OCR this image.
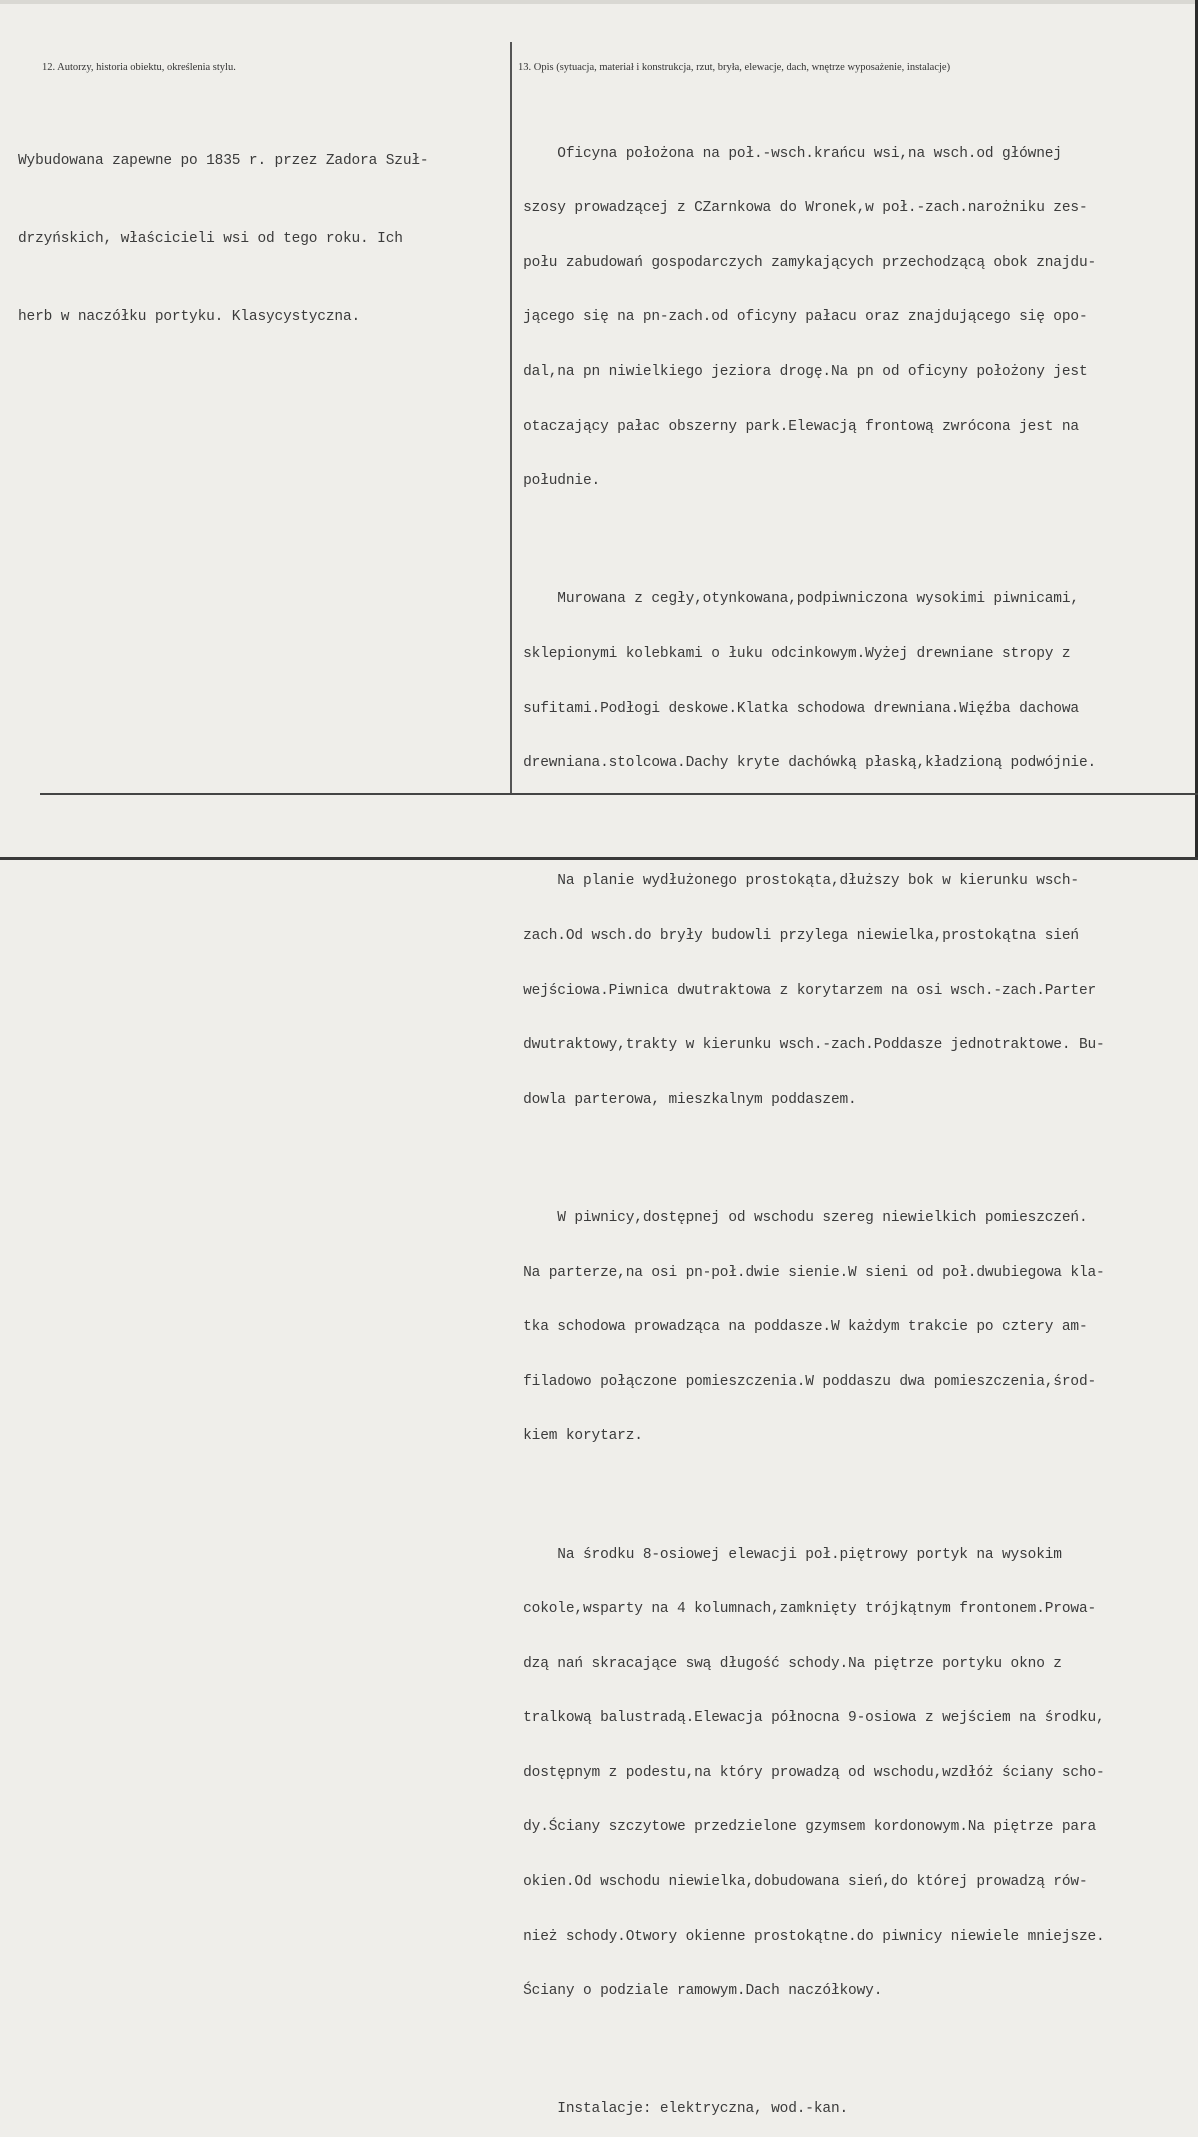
12. Autorzy, historia obiektu, określenia stylu.	13. Opis (sytuacja, materiał i konstrukcja, rzut, bryła, elewacje, dach, wnętrze wyposażenie, instalacje)

Wybudowana zapewne po 1835 r. przez Zadora Szuł-

drzyńskich, właścicieli wsi od tego roku. Ich

herb w naczółku portyku. Klasycystyczna.

Oficyna położona na poł.-wsch.krańcu wsi,na wsch.od głównej

szosy prowadzącej z CZarnkowa do Wronek,w poł.-zach.narożniku zes-

połu zabudowań gospodarczych zamykających przechodzącą obok znajdu-

jącego się na pn-zach.od oficyny pałacu oraz znajdującego się opo-

dal,na pn niwielkiego jeziora drogę.Na pn od oficyny położony jest

otaczający pałac obszerny park.Elewacją frontową zwrócona jest na

południe.

Murowana z cegły,otynkowana,podpiwniczona wysokimi piwnicami,

sklepionymi kolebkami o łuku odcinkowym.Wyżej drewniane stropy z

sufitami.Podłogi deskowe.Klatka schodowa drewniana.Więźba dachowa

drewniana.stolcowa.Dachy kryte dachówką płaską,kładzioną podwójnie.

Na planie wydłużonego prostokąta,dłuższy bok w kierunku wsch-

zach.Od wsch.do bryły budowli przylega niewielka,prostokątna sień

wejściowa.Piwnica dwutraktowa z korytarzem na osi wsch.-zach.Parter

dwutraktowy,trakty w kierunku wsch.-zach.Poddasze jednotraktowe. Bu-

dowla parterowa, mieszkalnym poddaszem.

W piwnicy,dostępnej od wschodu szereg niewielkich pomieszczeń.

Na parterze,na osi pn-poł.dwie sienie.W sieni od poł.dwubiegowa kla-

tka schodowa prowadząca na poddasze.W każdym trakcie po cztery am-

filadowo połączone pomieszczenia.W poddaszu dwa pomieszczenia,środ-

kiem korytarz.

Na środku 8-osiowej elewacji poł.piętrowy portyk na wysokim

cokole,wsparty na 4 kolumnach,zamknięty trójkątnym frontonem.Prowa-

dzą nań skracające swą długość schody.Na piętrze portyku okno z

tralkową balustradą.Elewacja północna 9-osiowa z wejściem na środku,

dostępnym z podestu,na który prowadzą od wschodu,wzdłóż ściany scho-

dy.Ściany szczytowe przedzielone gzymsem kordonowym.Na piętrze para

okien.Od wschodu niewielka,dobudowana sień,do której prowadzą rów-

nież schody.Otwory okienne prostokątne.do piwnicy niewiele mniejsze.

Ściany o podziale ramowym.Dach naczółkowy.

Instalacje: elektryczna, wod.-kan.
